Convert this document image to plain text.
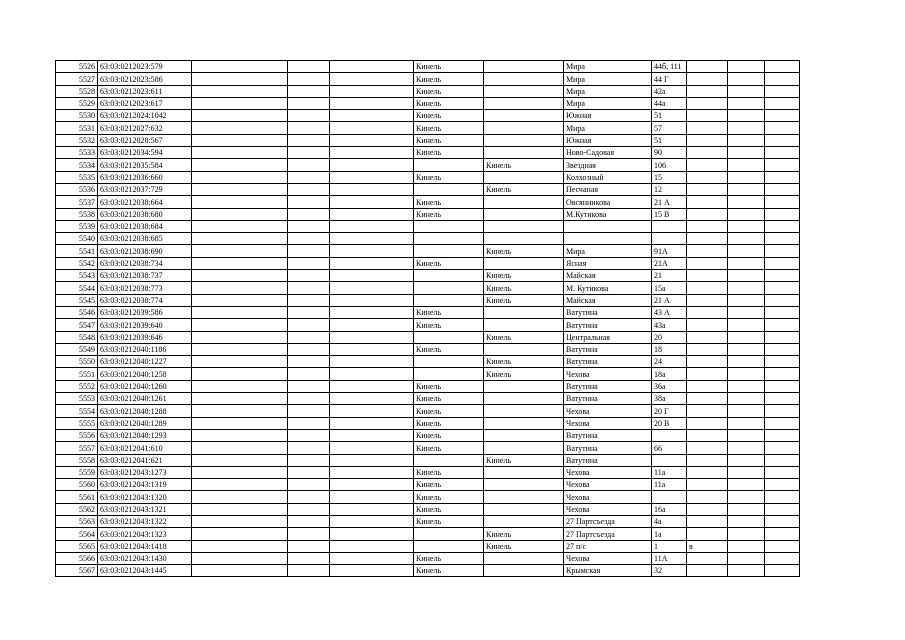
5526	63:03:0212023:579				Кинель		Мира	44б, 111			
5527	63:03:0212023:586				Кинель		Мира	44 Г			
5528	63:03:0212023:611				Кинель		Мира	42а			
5529	63:03:0212023:617				Кинель		Мира	44а			
5530	63:03:0212024:1042				Кинель		Южная	51			
5531	63:03:0212027:632				Кинель		Мира	57			
5532	63:03:0212028:567				Кинель		Южная	51			
5533	63:03:0212034:594				Кинель		Ново-Садовая	90			
5534	63:03:0212035:584					Кинель	Звездная	106			
5535	63:03:0212036:660				Кинель		Колхозный	15			
5536	63:03:0212037:729					Кинель	Песчаная	12			
5537	63:03:0212038:664				Кинель		Овсянникова	21 А			
5538	63:03:0212038:680				Кинель		М.Кутикова	15 В			
5539	63:03:0212038:684										
5540	63:03:0212038:685										
5541	63:03:0212038:690					Кинель	Мира	91А			
5542	63:03:0212038:734				Кинель		Ясная	21А			
5543	63:03:0212038:737					Кинель	Майская	21			
5544	63:03:0212038:773					Кинель	М. Кутикова	15а			
5545	63:03:0212038:774					Кинель	Майская	21 А			
5546	63:03:0212039:586				Кинель		Ватутина	43 А			
5547	63:03:0212039:640				Кинель		Ватутина	43а			
5548	63:03:0212039:646					Кинель	Центральная	20			
5549	63:03:0212040:1186				Кинель		Ватутина	18			
5550	63:03:0212040:1227					Кинель	Ватутина	24			
5551	63:03:0212040:1258					Кинель	Чехова	18а			
5552	63:03:0212040:1260				Кинель		Ватутина	36а			
5553	63:03:0212040:1261				Кинель		Ватутина	38а			
5554	63:03:0212040:1288				Кинель		Чехова	20 Г			
5555	63:03:0212040:1289				Кинель		Чехова	20 В			
5556	63:03:0212040:1293				Кинель		Ватутина				
5557	63:03:0212041:610				Кинель		Ватутина	66			
5558	63:03:0212041:621					Кинель	Ватутина				
5559	63:03:0212043:1273				Кинель		Чехова	11а			
5560	63:03:0212043:1319				Кинель		Чехова	11а			
5561	63:03:0212043:1320				Кинель		Чехова				
5562	63:03:0212043:1321				Кинель		Чехова	16а			
5563	63:03:0212043:1322				Кинель		27 Партсъезда	4а			
5564	63:03:0212043:1323					Кинель	27 Партсъезда	1а			
5565	63:03:0212043:1418					Кинель	27 п/с	1	в		
5566	63:03:0212043:1430				Кинель		Чехова	11А			
5567	63:03:0212043:1445				Кинель		Крымская	32			
